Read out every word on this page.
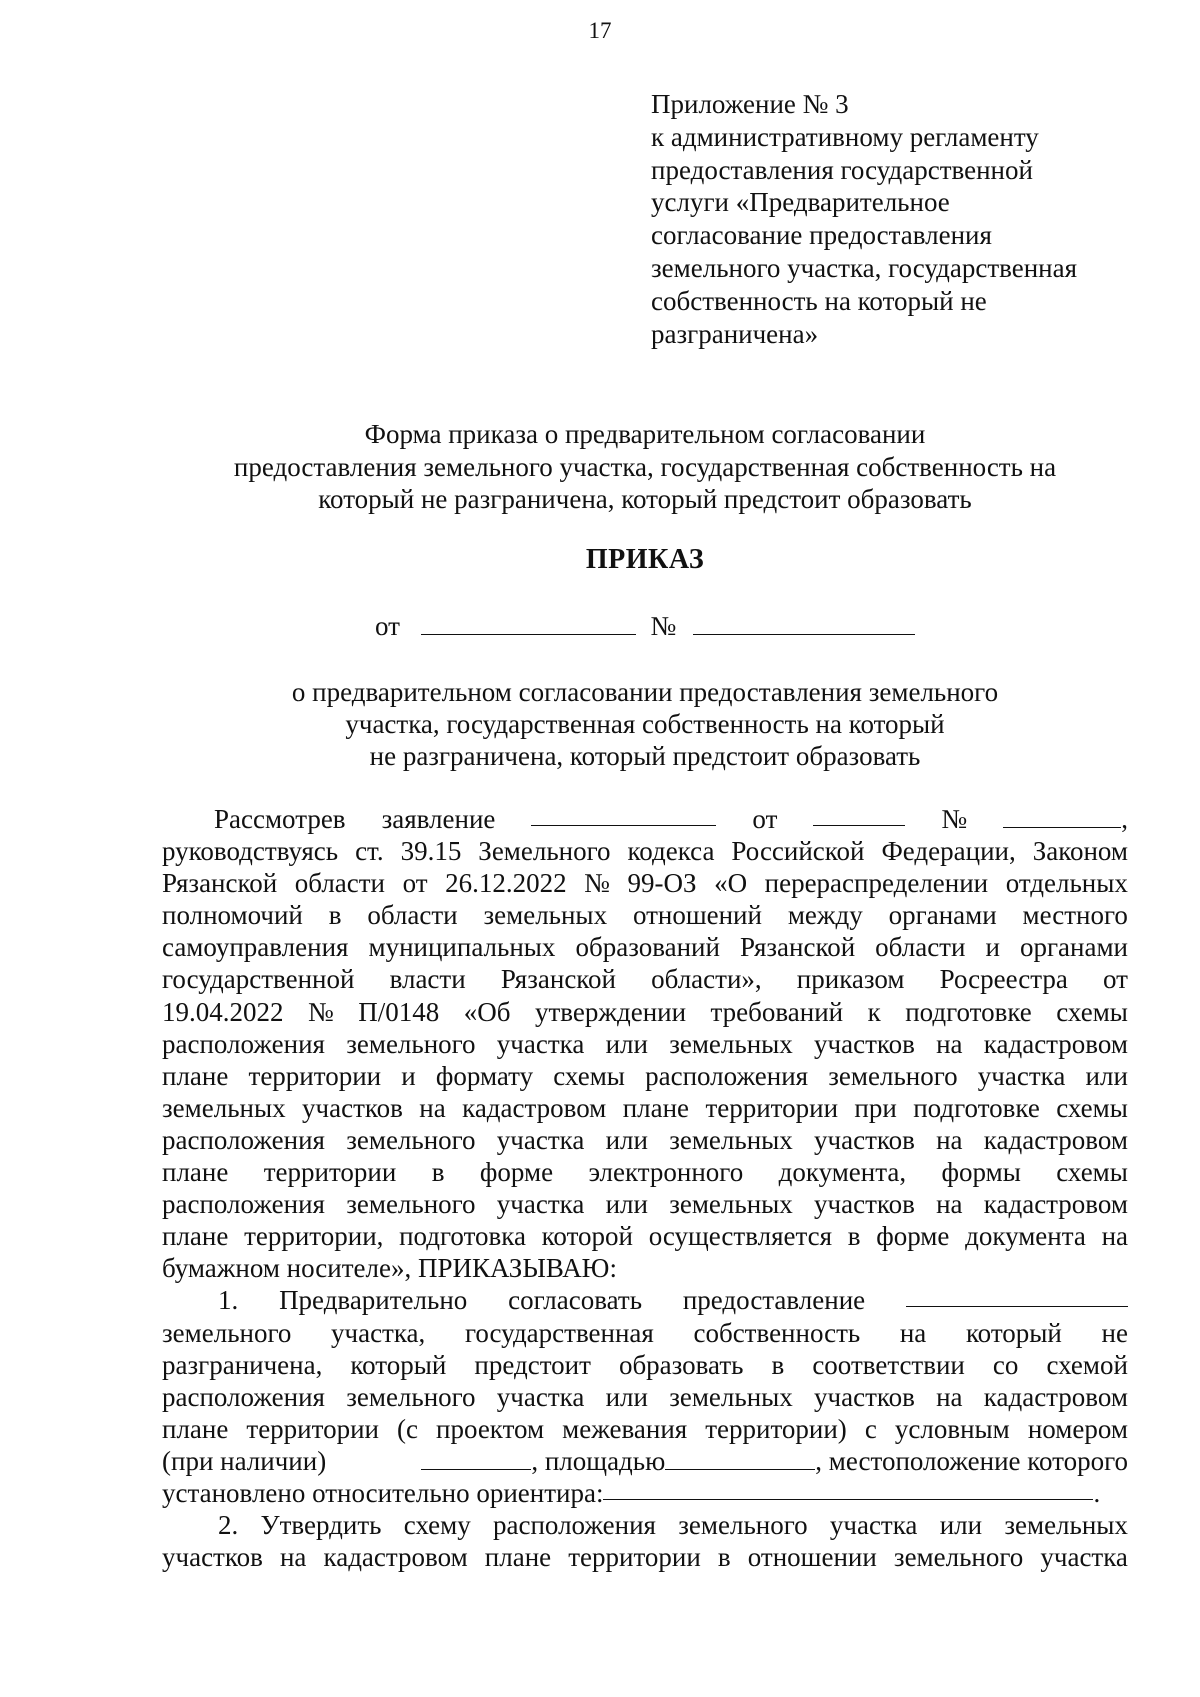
17
Приложение № 3
к административному регламенту
предоставления государственной
услуги «Предварительное
согласование предоставления
земельного участка, государственная
собственность на который не
разграничена»
Форма приказа о предварительном согласовании
предоставления земельного участка, государственная собственность на
который не разграничена, который предстоит образовать
ПРИКАЗ
от	№
о предварительном согласовании предоставления земельного
участка, государственная собственность на который
не разграничена, который предстоит образовать
Рассмотрев заявление	от	№	,
руководствуясь ст. 39.15 Земельного кодекса Российской Федерации, Законом
Рязанской области от 26.12.2022 № 99-ОЗ «О перераспределении отдельных
полномочий в области земельных отношений между органами местного
самоуправления муниципальных образований Рязанской области и органами
государственной власти Рязанской области», приказом Росреестра от
19.04.2022 № П/0148 «Об утверждении требований к подготовке схемы
расположения земельного участка или земельных участков на кадастровом
плане территории и формату схемы расположения земельного участка или
земельных участков на кадастровом плане территории при подготовке схемы
расположения земельного участка или земельных участков на кадастровом
плане территории в форме электронного документа, формы схемы
расположения земельного участка или земельных участков на кадастровом
плане территории, подготовка которой осуществляется в форме документа на
бумажном носителе», ПРИКАЗЫВАЮ:
1. Предварительно согласовать предоставление
земельного участка, государственная собственность на который не
разграничена, который предстоит образовать в соответствии со схемой
расположения земельного участка или земельных участков на кадастровом
плане территории (с проектом межевания территории) с условным номером
(при наличии)	, площадью	, местоположение которого
установлено относительно ориентира:	.
2. Утвердить схему расположения земельного участка или земельных
участков на кадастровом плане территории в отношении земельного участка
